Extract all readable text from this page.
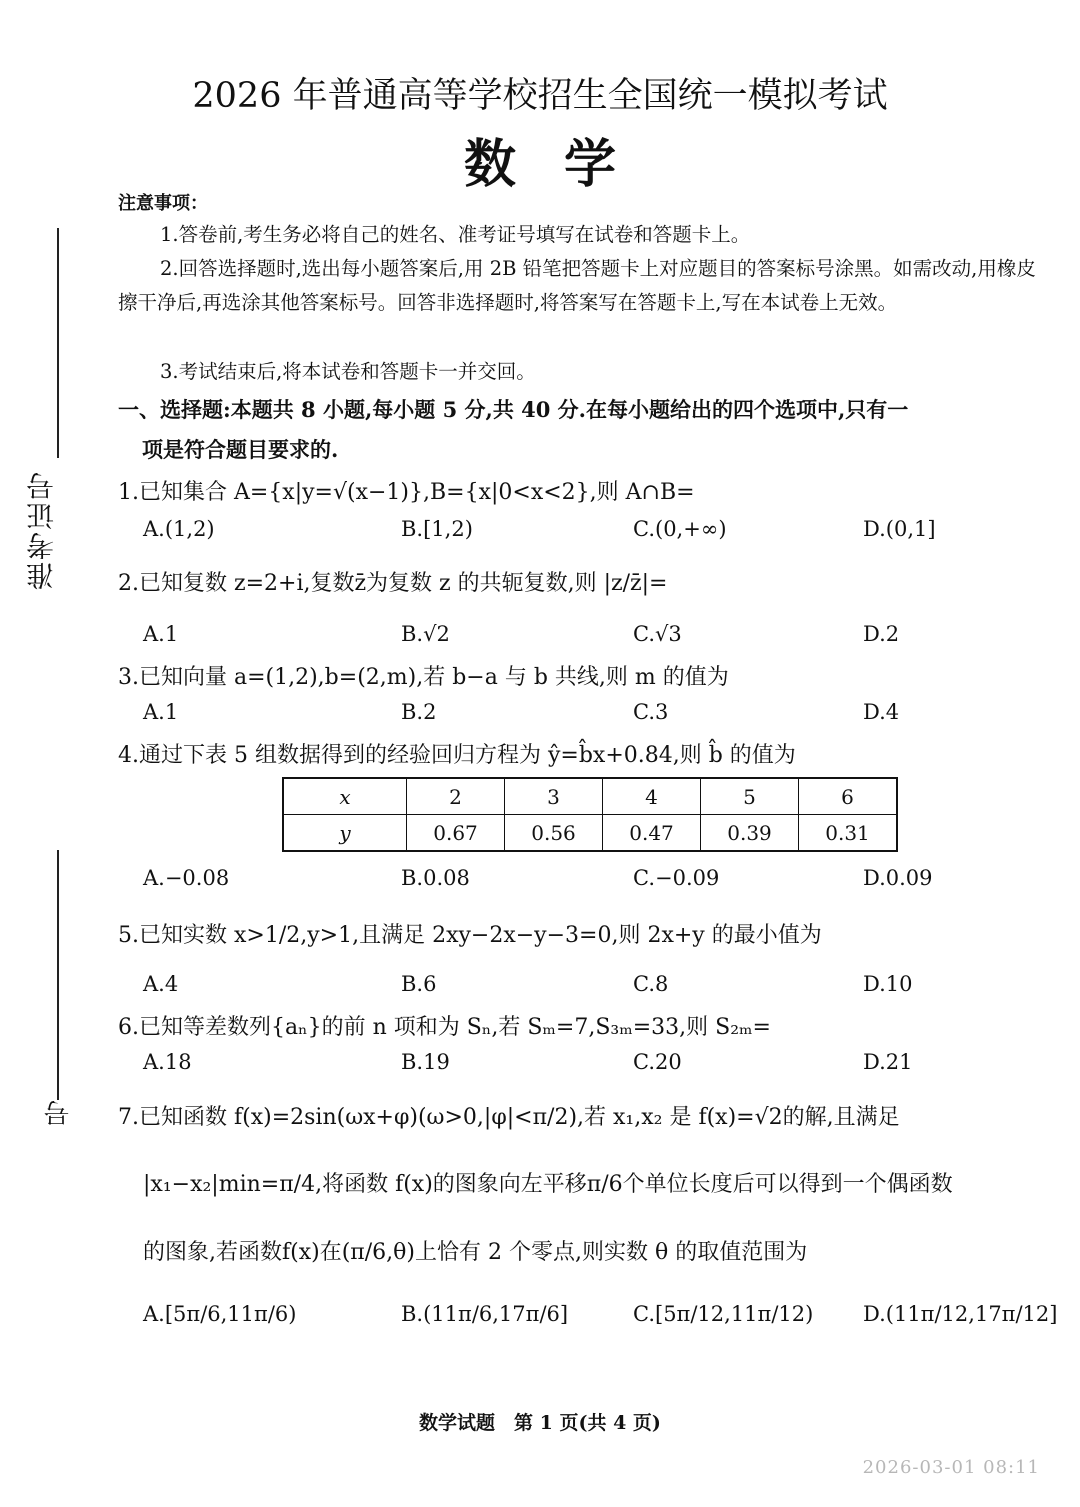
准考证号
号
2026 年普通高等学校招生全国统一模拟考试
数学
注意事项：
1.答卷前,考生务必将自己的姓名、准考证号填写在试卷和答题卡上。
2.回答选择题时,选出每小题答案后,用 2B 铅笔把答题卡上对应题目的答案标号涂黑。如需改动,用橡皮擦干净后,再选涂其他答案标号。回答非选择题时,将答案写在答题卡上,写在本试卷上无效。
3.考试结束后,将本试卷和答题卡一并交回。
一、选择题:本题共 8 小题,每小题 5 分,共 40 分.在每小题给出的四个选项中,只有一
项是符合题目要求的.
1.已知集合 A={x|y=√(x−1)},B={x|0<x<2},则 A∩B=
A.(1,2)	B.[1,2)	C.(0,+∞)	D.(0,1]
2.已知复数 z=2+i,复数z̄为复数 z 的共轭复数,则 |z/z̄|=
A.1	B.√2	C.√3	D.2
3.已知向量 a=(1,2),b=(2,m),若 b−a 与 b 共线,则 m 的值为
A.1	B.2	C.3	D.4
4.通过下表 5 组数据得到的经验回归方程为 ŷ=b̂x+0.84,则 b̂ 的值为
x	2	3	4	5	6
y	0.67	0.56	0.47	0.39	0.31
A.−0.08	B.0.08	C.−0.09	D.0.09
5.已知实数 x>1/2,y>1,且满足 2xy−2x−y−3=0,则 2x+y 的最小值为
A.4	B.6	C.8	D.10
6.已知等差数列{aₙ}的前 n 项和为 Sₙ,若 Sₘ=7,S₃ₘ=33,则 S₂ₘ=
A.18	B.19	C.20	D.21
7.已知函数 f(x)=2sin(ωx+φ)(ω>0,|φ|<π/2),若 x₁,x₂ 是 f(x)=√2的解,且满足
|x₁−x₂|min=π/4,将函数 f(x)的图象向左平移π/6个单位长度后可以得到一个偶函数
的图象,若函数f(x)在(π/6,θ)上恰有 2 个零点,则实数 θ 的取值范围为
A.[5π/6,11π/6)	B.(11π/6,17π/6]	C.[5π/12,11π/12) D.(11π/12,17π/12]
数学试题　第 1 页(共 4 页)
2026-03-01 08:11
